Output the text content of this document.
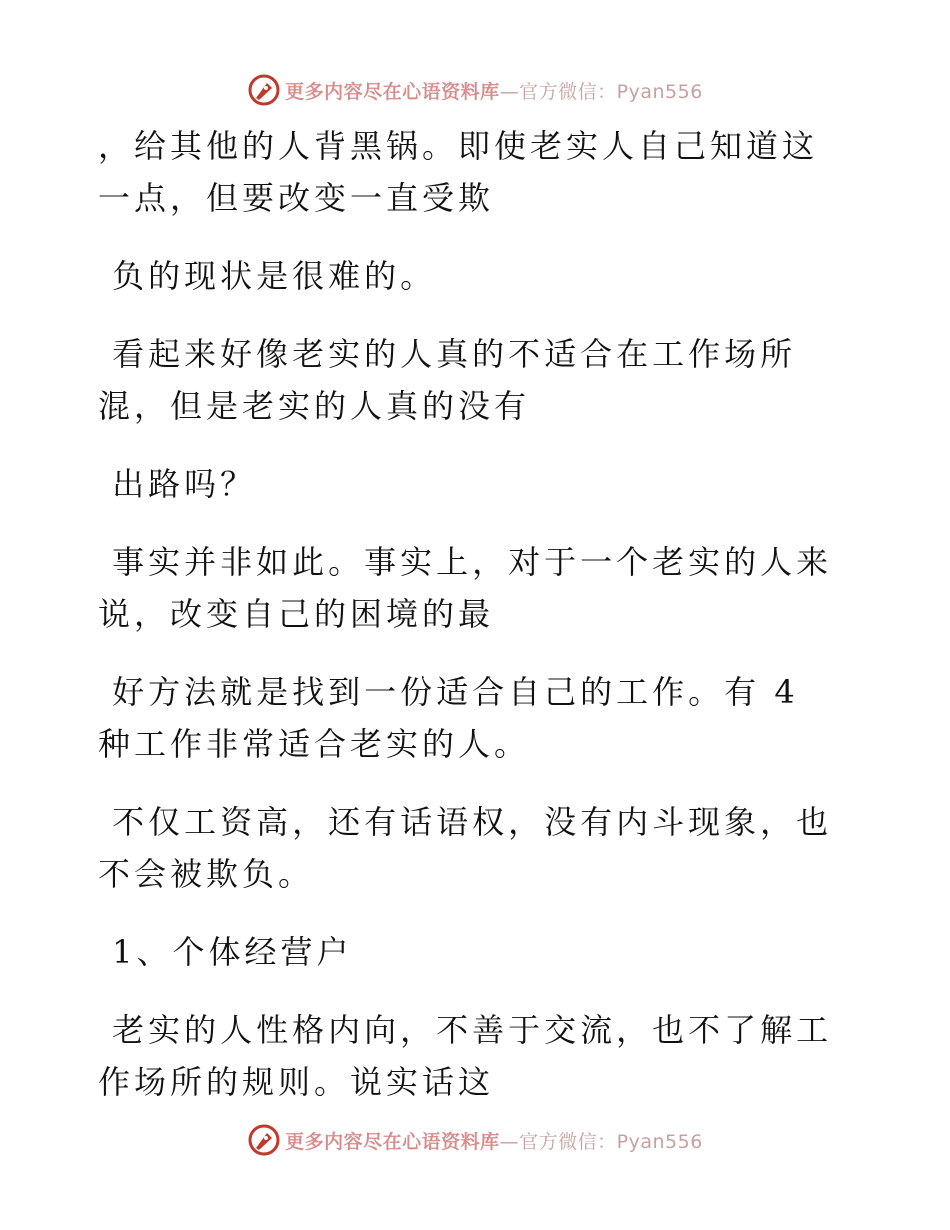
更多内容尽在心语资料库—官方微信：Pyan556

，给其他的人背黑锅。即使老实人自己知道这一点，但要改变一直受欺

负的现状是很难的。

看起来好像老实的人真的不适合在工作场所混，但是老实的人真的没有

出路吗？

事实并非如此。事实上，对于一个老实的人来说，改变自己的困境的最

好方法就是找到一份适合自己的工作。有 4 种工作非常适合老实的人。

不仅工资高，还有话语权，没有内斗现象，也不会被欺负。

1、个体经营户

老实的人性格内向，不善于交流，也不了解工作场所的规则。说实话这

更多内容尽在心语资料库—官方微信：Pyan556
